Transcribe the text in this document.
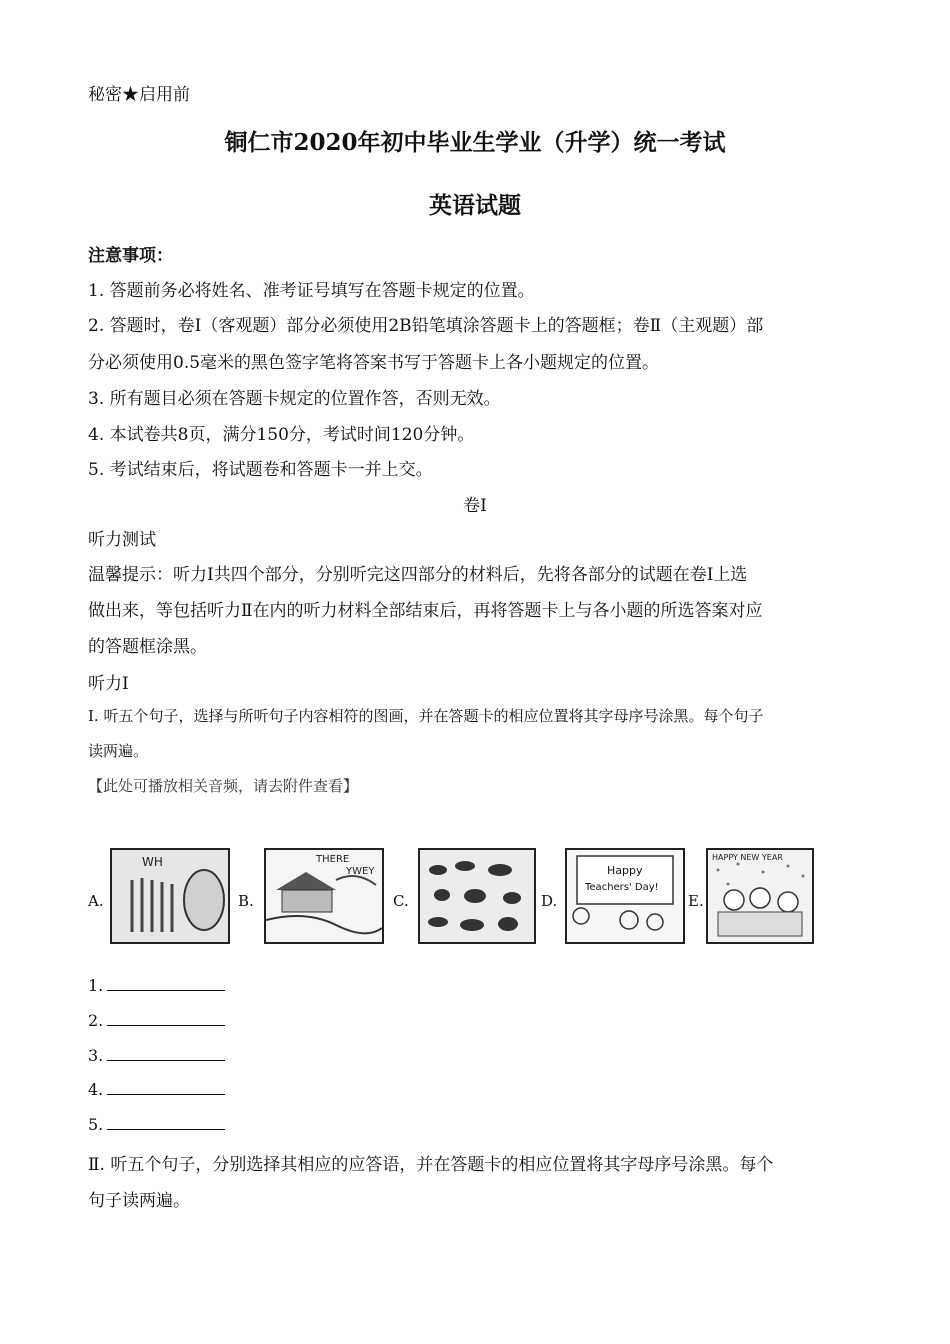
秘密★启用前
铜仁市2020年初中毕业生学业（升学）统一考试
英语试题
注意事项：
1. 答题前务必将姓名、准考证号填写在答题卡规定的位置。
2. 答题时，卷Ⅰ（客观题）部分必须使用2B铅笔填涂答题卡上的答题框；卷Ⅱ（主观题）部
分必须使用0.5毫米的黑色签字笔将答案书写于答题卡上各小题规定的位置。
3. 所有题目必须在答题卡规定的位置作答，否则无效。
4. 本试卷共8页，满分150分，考试时间120分钟。
5. 考试结束后，将试题卷和答题卡一并上交。
卷Ⅰ
听力测试
温馨提示：听力Ⅰ共四个部分，分别听完这四部分的材料后，先将各部分的试题在卷Ⅰ上选
做出来，等包括听力Ⅱ在内的听力材料全部结束后，再将答题卡上与各小题的所选答案对应
的答题框涂黑。
听力Ⅰ
Ⅰ. 听五个句子，选择与所听句子内容相符的图画，并在答题卡的相应位置将其字母序号涂黑。每个句子
读两遍。
【此处可播放相关音频，请去附件查看】
A.
WH
B.
THERE
YWEY
C.	D.
Happy
Teachers' Day!
E.
HAPPY NEW YEAR
1.
2.
3.
4.
5.
Ⅱ. 听五个句子，分别选择其相应的应答语，并在答题卡的相应位置将其字母序号涂黑。每个
句子读两遍。
